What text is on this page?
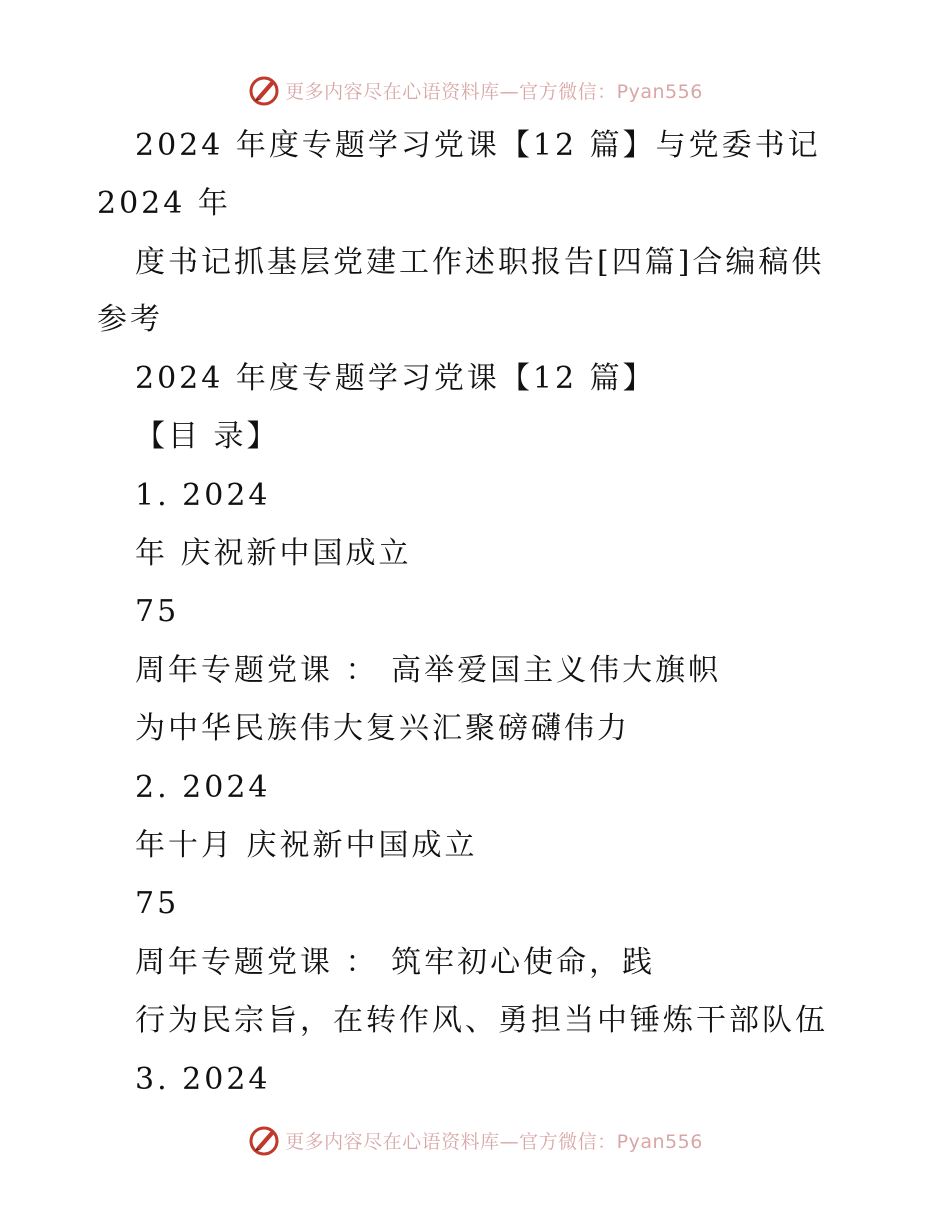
更多内容尽在心语资料库—官方微信：Pyan556
2024 年度专题学习党课【12 篇】与党委书记
2024 年
度书记抓基层党建工作述职报告[四篇]合编稿供
参考
2024 年度专题学习党课【12 篇】
【目 录】
1. 2024
年 庆祝新中国成立
75
周年专题党课 ： 高举爱国主义伟大旗帜
为中华民族伟大复兴汇聚磅礴伟力
2. 2024
年十月 庆祝新中国成立
75
周年专题党课 ： 筑牢初心使命，践
行为民宗旨，在转作风、勇担当中锤炼干部队伍
3. 2024
更多内容尽在心语资料库—官方微信：Pyan556
